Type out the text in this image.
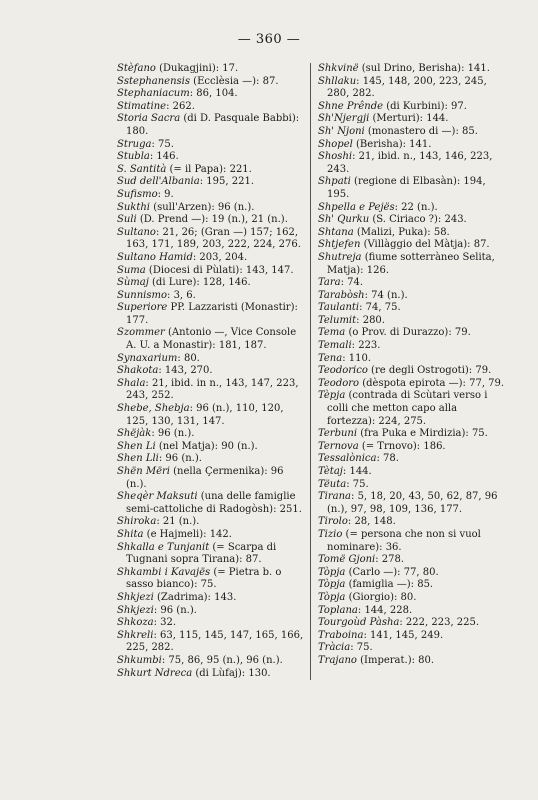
— 360 —

Stèfano (Dukagjini): 17.

Sstephanensis (Ecclèsia —): 87.

Stephaniacum: 86, 104.

Stimatine: 262.

Storia Sacra (di D. Pasquale Babbi): 180.

Struga: 75.

Stubla: 146.

S. Santità (= il Papa): 221.

Sud dell'Albania: 195, 221.

Sufismo: 9.

Sukthi (sull'Arzen): 96 (n.).

Suli (D. Prend —): 19 (n.), 21 (n.).

Sultano: 21, 26; (Gran —) 157; 162, 163, 171, 189, 203, 222, 224, 276.

Sultano Hamid: 203, 204.

Suma (Diocesi di Pùlati): 143, 147.

Sùmaj (di Lure): 128, 146.

Sunnismo: 3, 6.

Superiore PP. Lazzaristi (Monastir): 177.

Szommer (Antonio —, Vice Console A. U. a Monastir): 181, 187.

Synaxarium: 80.

Shakota: 143, 270.

Shala: 21, ibid. in n., 143, 147, 223, 243, 252.

Shebe, Shebja: 96 (n.), 110, 120, 125, 130, 131, 147.

Shëjàk: 96 (n.).

Shen Li (nel Matja): 90 (n.).

Shen Lli: 96 (n.).

Shën Mëri (nella Çermenika): 96 (n.).

Sheqèr Maksuti (una delle famiglie semi-cattoliche di Radogòsh): 251.

Shiroka: 21 (n.).

Shita (e Hajmeli): 142.

Shkalla e Tunjanit (= Scarpa di Tugnani sopra Tirana): 87.

Shkambi i Kavajës (= Pietra b. o sasso bianco): 75.

Shkjezi (Zadrima): 143.

Shkjezi: 96 (n.).

Shkoza: 32.

Shkreli: 63, 115, 145, 147, 165, 166, 225, 282.

Shkumbi: 75, 86, 95 (n.), 96 (n.).

Shkurt Ndreca (di Lùfaj): 130.

Shkvinë (sul Drino, Berisha): 141.

Shllaku: 145, 148, 200, 223, 245, 280, 282.

Shne Prênde (di Kurbini): 97.

Sh'Njergji (Merturi): 144.

Sh' Njoni (monastero di —): 85.

Shopel (Berisha): 141.

Shoshi: 21, ibid. n., 143, 146, 223, 243.

Shpati (regione di Elbasàn): 194, 195.

Shpella e Pejës: 22 (n.).

Sh' Qurku (S. Ciriaco ?): 243.

Shtana (Malizi, Puka): 58.

Shtjefen (Villàggio del Màtja): 87.

Shutreja (fiume sotterràneo Selita, Matja): 126.

Tara: 74.

Tarabòsh: 74 (n.).

Taulanti: 74, 75.

Telumit: 280.

Tema (o Prov. di Durazzo): 79.

Temali: 223.

Tena: 110.

Teodorico (re degli Ostrogoti): 79.

Teodoro (dèspota epirota —): 77, 79.

Tèpja (contrada di Scùtari verso i colli che metton capo alla fortezza): 224, 275.

Terbuni (fra Puka e Mirdizia): 75.

Ternova (= Trnovo): 186.

Tessalònica: 78.

Tètaj: 144.

Tëuta: 75.

Tirana: 5, 18, 20, 43, 50, 62, 87, 96 (n.), 97, 98, 109, 136, 177.

Tirolo: 28, 148.

Tizio (= persona che non si vuol nominare): 36.

Tomë Gjoni: 278.

Tòpja (Carlo —): 77, 80.

Tòpja (famiglia —): 85.

Tòpja (Giorgio): 80.

Toplana: 144, 228.

Tourgoùd Pàsha: 222, 223, 225.

Traboina: 141, 145, 249.

Tràcia: 75.

Trajano (Imperat.): 80.
